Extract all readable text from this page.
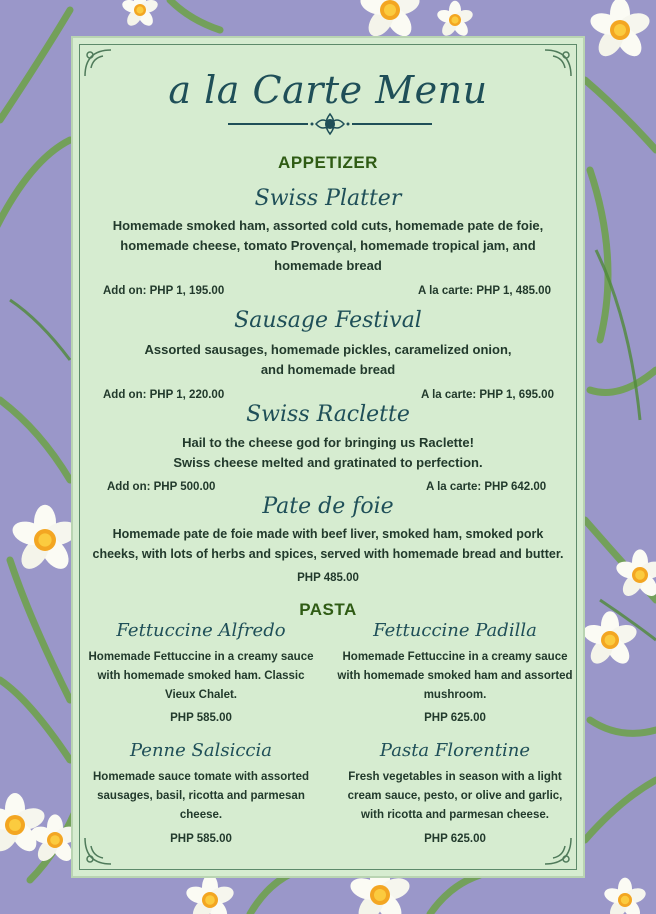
a la Carte Menu
APPETIZER
Swiss Platter
Homemade smoked ham, assorted cold cuts, homemade pate de foie,
homemade cheese, tomato Provençal, homemade tropical jam, and
homemade bread
Add on: PHP 1, 195.00	A la carte: PHP 1, 485.00
Sausage Festival
Assorted sausages, homemade pickles, caramelized onion,
and homemade bread
Add on: PHP 1, 220.00	A la carte: PHP 1, 695.00
Swiss Raclette
Hail to the cheese god for bringing us Raclette!
Swiss cheese melted and gratinated to perfection.
Add on: PHP 500.00	A la carte: PHP 642.00
Pate de foie
Homemade pate de foie made with beef liver, smoked ham, smoked pork
cheeks, with lots of herbs and spices, served with homemade bread and butter.
PHP 485.00
PASTA
Fettuccine Alfredo
Homemade Fettuccine in a creamy sauce
with homemade smoked ham. Classic
Vieux Chalet.
PHP 585.00
Fettuccine Padilla
Homemade Fettuccine in a creamy sauce
with homemade smoked ham and assorted
mushroom.
PHP 625.00
Penne Salsiccia
Homemade sauce tomate with assorted
sausages, basil, ricotta and parmesan
cheese.
PHP 585.00
Pasta Florentine
Fresh vegetables in season with a light
cream sauce, pesto, or olive and garlic,
with ricotta and parmesan cheese.
PHP 625.00
